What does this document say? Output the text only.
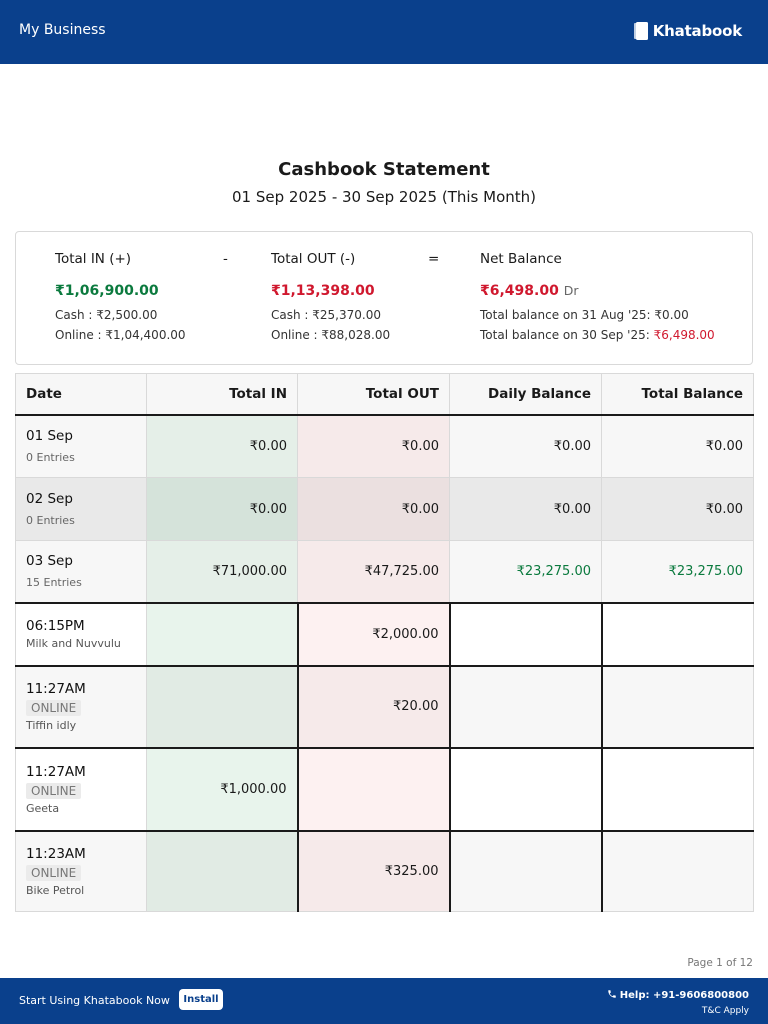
My Business	Khatabook
Cashbook Statement
01 Sep 2025 - 30 Sep 2025 (This Month)
Total IN (+)	-	Total OUT (-)	=	Net Balance
₹1,06,900.00	₹1,13,398.00	₹6,498.00 Dr
Cash : ₹2,500.00
Online : ₹1,04,400.00
Cash : ₹25,370.00
Online : ₹88,028.00
Total balance on 31 Aug '25: ₹0.00
Total balance on 30 Sep '25: ₹6,498.00
Date	Total IN	Total OUT	Daily Balance	Total Balance

01 Sep
0 Entries	₹0.00	₹0.00	₹0.00	₹0.00

02 Sep
0 Entries	₹0.00	₹0.00	₹0.00	₹0.00

03 Sep
15 Entries	₹71,000.00	₹47,725.00	₹23,275.00	₹23,275.00

06:15PM
Milk and Nuvvulu		₹2,000.00		

11:27AM
ONLINE
Tiffin idly		₹20.00		

11:27AM
ONLINE
Geeta	₹1,000.00			

11:23AM
ONLINE
Bike Petrol		₹325.00		
Page 1 of 12
Start Using Khatabook Now	Install	Help: +91-9606800800
T&C Apply
